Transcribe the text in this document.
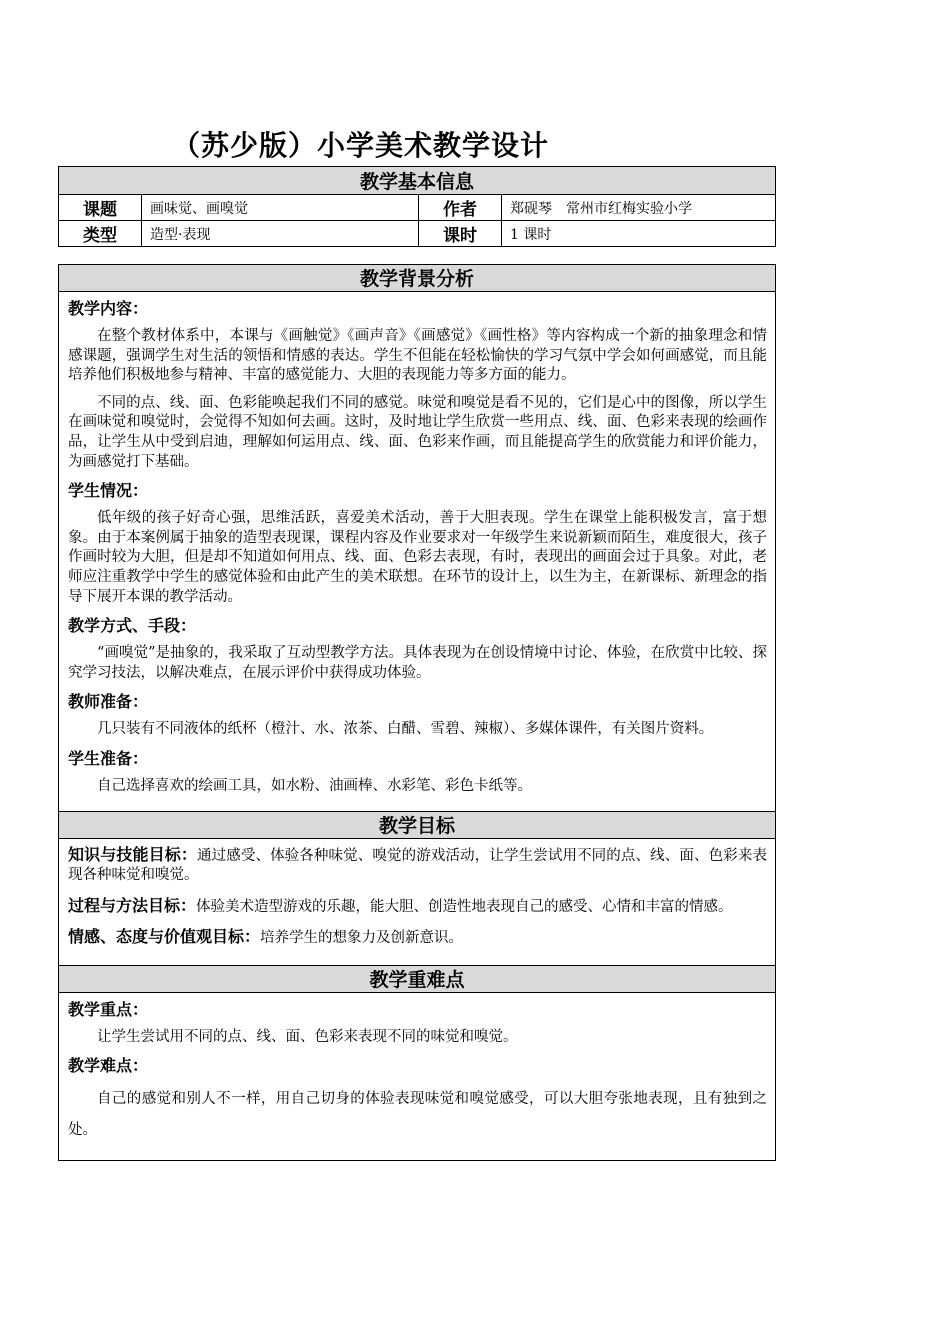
（苏少版）小学美术教学设计
教学基本信息			
课题	画味觉、画嗅觉	作者	郑砚琴　常州市红梅实验小学
类型	造型·表现	课时	1 课时
教学背景分析
教学内容：

在整个教材体系中，本课与《画触觉》《画声音》《画感觉》《画性格》等内容构成一个新的抽象理念和情感课题，强调学生对生活的领悟和情感的表达。学生不但能在轻松愉快的学习气氛中学会如何画感觉，而且能培养他们积极地参与精神、丰富的感觉能力、大胆的表现能力等多方面的能力。

不同的点、线、面、色彩能唤起我们不同的感觉。味觉和嗅觉是看不见的，它们是心中的图像，所以学生在画味觉和嗅觉时，会觉得不知如何去画。这时，及时地让学生欣赏一些用点、线、面、色彩来表现的绘画作品，让学生从中受到启迪，理解如何运用点、线、面、色彩来作画，而且能提高学生的欣赏能力和评价能力，为画感觉打下基础。

学生情况：

低年级的孩子好奇心强，思维活跃，喜爱美术活动，善于大胆表现。学生在课堂上能积极发言，富于想象。由于本案例属于抽象的造型表现课，课程内容及作业要求对一年级学生来说新颖而陌生，难度很大，孩子作画时较为大胆，但是却不知道如何用点、线、面、色彩去表现，有时，表现出的画面会过于具象。对此，老师应注重教学中学生的感觉体验和由此产生的美术联想。在环节的设计上，以生为主，在新课标、新理念的指导下展开本课的教学活动。

教学方式、手段：

“画嗅觉”是抽象的，我采取了互动型教学方法。具体表现为在创设情境中讨论、体验，在欣赏中比较、探究学习技法，以解决难点，在展示评价中获得成功体验。

教师准备：

几只装有不同液体的纸杯（橙汁、水、浓茶、白醋、雪碧、辣椒）、多媒体课件，有关图片资料。

学生准备：

自己选择喜欢的绘画工具，如水粉、油画棒、水彩笔、彩色卡纸等。

教学目标
知识与技能目标：通过感受、体验各种味觉、嗅觉的游戏活动，让学生尝试用不同的点、线、面、色彩来表现各种味觉和嗅觉。
过程与方法目标：体验美术造型游戏的乐趣，能大胆、创造性地表现自己的感受、心情和丰富的情感。
情感、态度与价值观目标：培养学生的想象力及创新意识。
教学重难点
教学重点：

让学生尝试用不同的点、线、面、色彩来表现不同的味觉和嗅觉。

教学难点：

自己的感觉和别人不一样，用自己切身的体验表现味觉和嗅觉感受，可以大胆夸张地表现，且有独到之处。
